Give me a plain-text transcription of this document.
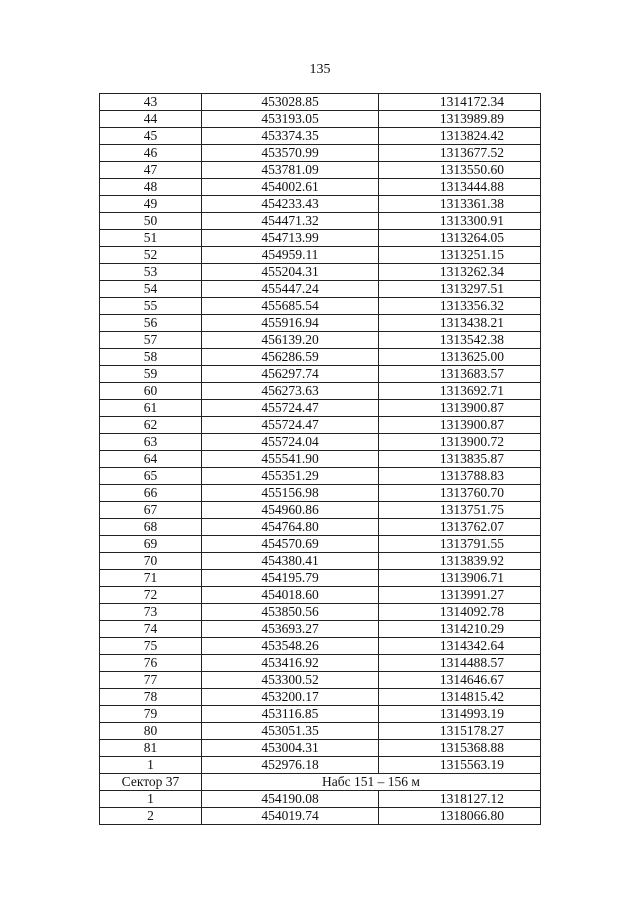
135
43	453028.85	1314172.34
44	453193.05	1313989.89
45	453374.35	1313824.42
46	453570.99	1313677.52
47	453781.09	1313550.60
48	454002.61	1313444.88
49	454233.43	1313361.38
50	454471.32	1313300.91
51	454713.99	1313264.05
52	454959.11	1313251.15
53	455204.31	1313262.34
54	455447.24	1313297.51
55	455685.54	1313356.32
56	455916.94	1313438.21
57	456139.20	1313542.38
58	456286.59	1313625.00
59	456297.74	1313683.57
60	456273.63	1313692.71
61	455724.47	1313900.87
62	455724.47	1313900.87
63	455724.04	1313900.72
64	455541.90	1313835.87
65	455351.29	1313788.83
66	455156.98	1313760.70
67	454960.86	1313751.75
68	454764.80	1313762.07
69	454570.69	1313791.55
70	454380.41	1313839.92
71	454195.79	1313906.71
72	454018.60	1313991.27
73	453850.56	1314092.78
74	453693.27	1314210.29
75	453548.26	1314342.64
76	453416.92	1314488.57
77	453300.52	1314646.67
78	453200.17	1314815.42
79	453116.85	1314993.19
80	453051.35	1315178.27
81	453004.31	1315368.88
1	452976.18	1315563.19
Сектор 37	Набс 151 – 156 м	
1	454190.08	1318127.12
2	454019.74	1318066.80
